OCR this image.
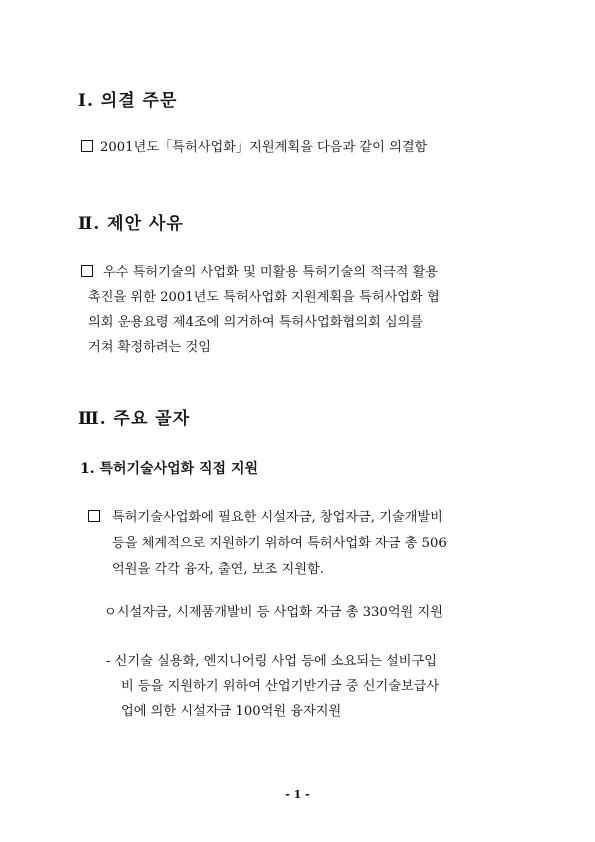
Ⅰ. 의결 주문
2001년도「특허사업화」지원계획을 다음과 같이 의결함
Ⅱ. 제안 사유
우수 특허기술의 사업화 및 미활용 특허기술의 적극적 활용
촉진을 위한 2001년도 특허사업화 지원계획을 특허사업화 협
의회 운용요령 제4조에 의거하여 특허사업화협의회 심의를
거쳐 확정하려는 것임
Ⅲ. 주요 골자
1. 특허기술사업화 직접 지원
특허기술사업화에 필요한 시설자금, 창업자금, 기술개발비
등을 체계적으로 지원하기 위하여 특허사업화 자금 총 506
억원을 각각 융자, 출연, 보조 지원함.
ㅇ시설자금, 시제품개발비 등 사업화 자금 총 330억원 지원
- 신기술 실용화, 엔지니어링 사업 등에 소요되는 설비구입
비 등을 지원하기 위하여 산업기반기금 중 신기술보급사
업에 의한 시설자금 100억원 융자지원
- 1 -
